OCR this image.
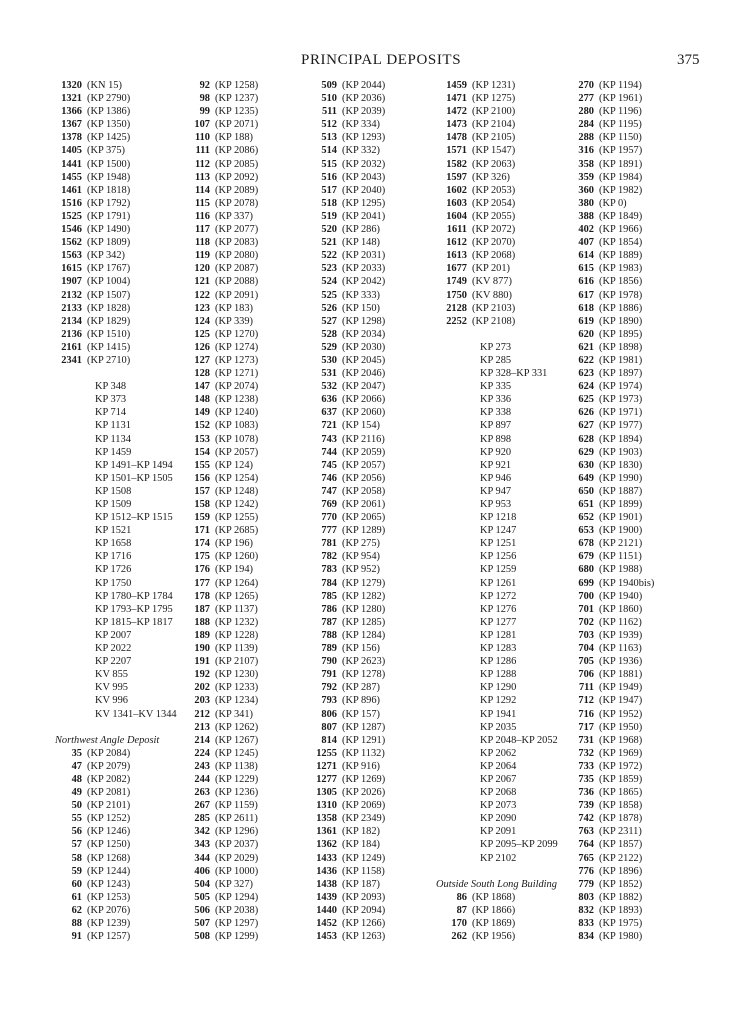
PRINCIPAL DEPOSITS	375
1320 (KN 15)
1321 (KP 2790)
1366 (KP 1386)
1367 (KP 1350)
1378 (KP 1425)
1405 (KP 375)
1441 (KP 1500)
1455 (KP 1948)
1461 (KP 1818)
1516 (KP 1792)
1525 (KP 1791)
1546 (KP 1490)
1562 (KP 1809)
1563 (KP 342)
1615 (KP 1767)
1907 (KP 1004)
2132 (KP 1507)
2133 (KP 1828)
2134 (KP 1829)
2136 (KP 1510)
2161 (KP 1415)
2341 (KP 2710)
KP 348
KP 373
KP 714
KP 1131
KP 1134
KP 1459
KP 1491–KP 1494
KP 1501–KP 1505
KP 1508
KP 1509
KP 1512–KP 1515
KP 1521
KP 1658
KP 1716
KP 1726
KP 1750
KP 1780–KP 1784
KP 1793–KP 1795
KP 1815–KP 1817
KP 2007
KP 2022
KP 2207
KV 855
KV 995
KV 996
KV 1341–KV 1344
Northwest Angle Deposit
35 (KP 2084)
47 (KP 2079)
48 (KP 2082)
49 (KP 2081)
50 (KP 2101)
55 (KP 1252)
56 (KP 1246)
57 (KP 1250)
58 (KP 1268)
59 (KP 1244)
60 (KP 1243)
61 (KP 1253)
62 (KP 2076)
88 (KP 1239)
91 (KP 1257)
92 (KP 1258)
98 (KP 1237)
99 (KP 1235)
107 (KP 2071)
110 (KP 188)
111 (KP 2086)
112 (KP 2085)
113 (KP 2092)
114 (KP 2089)
115 (KP 2078)
116 (KP 337)
117 (KP 2077)
118 (KP 2083)
119 (KP 2080)
120 (KP 2087)
121 (KP 2088)
122 (KP 2091)
123 (KP 183)
124 (KP 339)
125 (KP 1270)
126 (KP 1274)
127 (KP 1273)
128 (KP 1271)
147 (KP 2074)
148 (KP 1238)
149 (KP 1240)
152 (KP 1083)
153 (KP 1078)
154 (KP 2057)
155 (KP 124)
156 (KP 1254)
157 (KP 1248)
158 (KP 1242)
159 (KP 1255)
171 (KP 2685)
174 (KP 196)
175 (KP 1260)
176 (KP 194)
177 (KP 1264)
178 (KP 1265)
187 (KP 1137)
188 (KP 1232)
189 (KP 1228)
190 (KP 1139)
191 (KP 2107)
192 (KP 1230)
202 (KP 1233)
203 (KP 1234)
212 (KP 341)
213 (KP 1262)
214 (KP 1267)
224 (KP 1245)
243 (KP 1138)
244 (KP 1229)
263 (KP 1236)
267 (KP 1159)
285 (KP 2611)
342 (KP 1296)
343 (KP 2037)
344 (KP 2029)
406 (KP 1000)
504 (KP 327)
505 (KP 1294)
506 (KP 2038)
507 (KP 1297)
508 (KP 1299)
509 (KP 2044)
510 (KP 2036)
511 (KP 2039)
512 (KP 334)
513 (KP 1293)
514 (KP 332)
515 (KP 2032)
516 (KP 2043)
517 (KP 2040)
518 (KP 1295)
519 (KP 2041)
520 (KP 286)
521 (KP 148)
522 (KP 2031)
523 (KP 2033)
524 (KP 2042)
525 (KP 333)
526 (KP 150)
527 (KP 1298)
528 (KP 2034)
529 (KP 2030)
530 (KP 2045)
531 (KP 2046)
532 (KP 2047)
636 (KP 2066)
637 (KP 2060)
721 (KP 154)
743 (KP 2116)
744 (KP 2059)
745 (KP 2057)
746 (KP 2056)
747 (KP 2058)
769 (KP 2061)
770 (KP 2065)
777 (KP 1289)
781 (KP 275)
782 (KP 954)
783 (KP 952)
784 (KP 1279)
785 (KP 1282)
786 (KP 1280)
787 (KP 1285)
788 (KP 1284)
789 (KP 156)
790 (KP 2623)
791 (KP 1278)
792 (KP 287)
793 (KP 896)
806 (KP 157)
807 (KP 1287)
814 (KP 1291)
1255 (KP 1132)
1271 (KP 916)
1277 (KP 1269)
1305 (KP 2026)
1310 (KP 2069)
1358 (KP 2349)
1361 (KP 182)
1362 (KP 184)
1433 (KP 1249)
1436 (KP 1158)
1438 (KP 187)
1439 (KP 2093)
1440 (KP 2094)
1452 (KP 1266)
1453 (KP 1263)
1459 (KP 1231)
1471 (KP 1275)
1472 (KP 2100)
1473 (KP 2104)
1478 (KP 2105)
1571 (KP 1547)
1582 (KP 2063)
1597 (KP 326)
1602 (KP 2053)
1603 (KP 2054)
1604 (KP 2055)
1611 (KP 2072)
1612 (KP 2070)
1613 (KP 2068)
1677 (KP 201)
1749 (KV 877)
1750 (KV 880)
2128 (KP 2103)
2252 (KP 2108)
KP 273
KP 285
KP 328–KP 331
KP 335
KP 336
KP 338
KP 897
KP 898
KP 920
KP 921
KP 946
KP 947
KP 953
KP 1218
KP 1247
KP 1251
KP 1256
KP 1259
KP 1261
KP 1272
KP 1276
KP 1277
KP 1281
KP 1283
KP 1286
KP 1288
KP 1290
KP 1292
KP 1941
KP 2035
KP 2048–KP 2052
KP 2062
KP 2064
KP 2067
KP 2068
KP 2073
KP 2090
KP 2091
KP 2095–KP 2099
KP 2102
Outside South Long Building
86 (KP 1868)
87 (KP 1866)
170 (KP 1869)
262 (KP 1956)
270 (KP 1194)
277 (KP 1961)
280 (KP 1196)
284 (KP 1195)
288 (KP 1150)
316 (KP 1957)
358 (KP 1891)
359 (KP 1984)
360 (KP 1982)
380 (KP 0)
388 (KP 1849)
402 (KP 1966)
407 (KP 1854)
614 (KP 1889)
615 (KP 1983)
616 (KP 1856)
617 (KP 1978)
618 (KP 1886)
619 (KP 1890)
620 (KP 1895)
621 (KP 1898)
622 (KP 1981)
623 (KP 1897)
624 (KP 1974)
625 (KP 1973)
626 (KP 1971)
627 (KP 1977)
628 (KP 1894)
629 (KP 1903)
630 (KP 1830)
649 (KP 1990)
650 (KP 1887)
651 (KP 1899)
652 (KP 1901)
653 (KP 1900)
678 (KP 2121)
679 (KP 1151)
680 (KP 1988)
699 (KP 1940bis)
700 (KP 1940)
701 (KP 1860)
702 (KP 1162)
703 (KP 1939)
704 (KP 1163)
705 (KP 1936)
706 (KP 1881)
711 (KP 1949)
712 (KP 1947)
716 (KP 1952)
717 (KP 1950)
731 (KP 1968)
732 (KP 1969)
733 (KP 1972)
735 (KP 1859)
736 (KP 1865)
739 (KP 1858)
742 (KP 1878)
763 (KP 2311)
764 (KP 1857)
765 (KP 2122)
776 (KP 1896)
779 (KP 1852)
803 (KP 1882)
832 (KP 1893)
833 (KP 1975)
834 (KP 1980)
